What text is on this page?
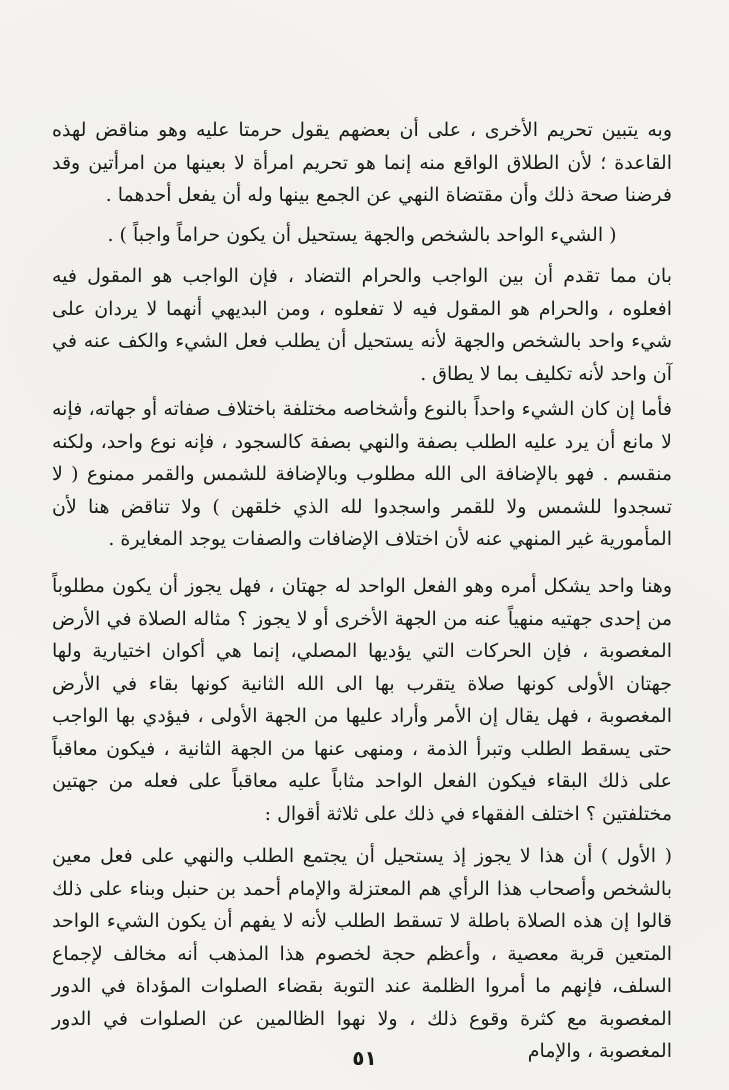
وبه يتبين تحريم الأخرى ، على أن بعضهم يقول حرمتا عليه وهو مناقض لهذه القاعدة ؛ لأن الطلاق الواقع منه إنما هو تحريم امرأة لا بعينها من امرأتين وقد فرضنا صحة ذلك وأن مقتضاة النهي عن الجمع بينها وله أن يفعل أحدهما .

( الشيء الواحد بالشخص والجهة يستحيل أن يكون حراماً واجباً ) .

بان مما تقدم أن بين الواجب والحرام التضاد ، فإن الواجب هو المقول فيه افعلوه ، والحرام هو المقول فيه لا تفعلوه ، ومن البديهي أنهما لا يردان على شيء واحد بالشخص والجهة لأنه يستحيل أن يطلب فعل الشيء والكف عنه في آن واحد لأنه تكليف بما لا يطاق .

فأما إن كان الشيء واحداً بالنوع وأشخاصه مختلفة باختلاف صفاته أو جهاته، فإنه لا مانع أن يرد عليه الطلب بصفة والنهي بصفة كالسجود ، فإنه نوع واحد، ولكنه منقسم . فهو بالإضافة الى الله مطلوب وبالإضافة للشمس والقمر ممنوع ( لا تسجدوا للشمس ولا للقمر واسجدوا لله الذي خلقهن ) ولا تناقض هنا لأن المأمورية غير المنهي عنه لأن اختلاف الإضافات والصفات يوجد المغايرة .

وهنا واحد يشكل أمره وهو الفعل الواحد له جهتان ، فهل يجوز أن يكون مطلوباً من إحدى جهتيه منهياً عنه من الجهة الأخرى أو لا يجوز ؟ مثاله الصلاة في الأرض المغصوبة ، فإن الحركات التي يؤديها المصلي، إنما هي أكوان اختيارية ولها جهتان الأولى كونها صلاة يتقرب بها الى الله الثانية كونها بقاء في الأرض المغصوبة ، فهل يقال إن الأمر وأراد عليها من الجهة الأولى ، فيؤدي بها الواجب حتى يسقط الطلب وتبرأ الذمة ، ومنهى عنها من الجهة الثانية ، فيكون معاقباً على ذلك البقاء فيكون الفعل الواحد مثاباً عليه معاقباً على فعله من جهتين مختلفتين ؟ اختلف الفقهاء في ذلك على ثلاثة أقوال :

( الأول ) أن هذا لا يجوز إذ يستحيل أن يجتمع الطلب والنهي على فعل معين بالشخص وأصحاب هذا الرأي هم المعتزلة والإمام أحمد بن حنبل وبناء على ذلك قالوا إن هذه الصلاة باطلة لا تسقط الطلب لأنه لا يفهم أن يكون الشيء الواحد المتعين قربة معصية ، وأعظم حجة لخصوم هذا المذهب أنه مخالف لإجماع السلف، فإنهم ما أمروا الظلمة عند التوبة بقضاء الصلوات المؤداة في الدور المغصوبة مع كثرة وقوع ذلك ، ولا نهوا الظالمين عن الصلوات في الدور المغصوبة ، والإمام

٥١
